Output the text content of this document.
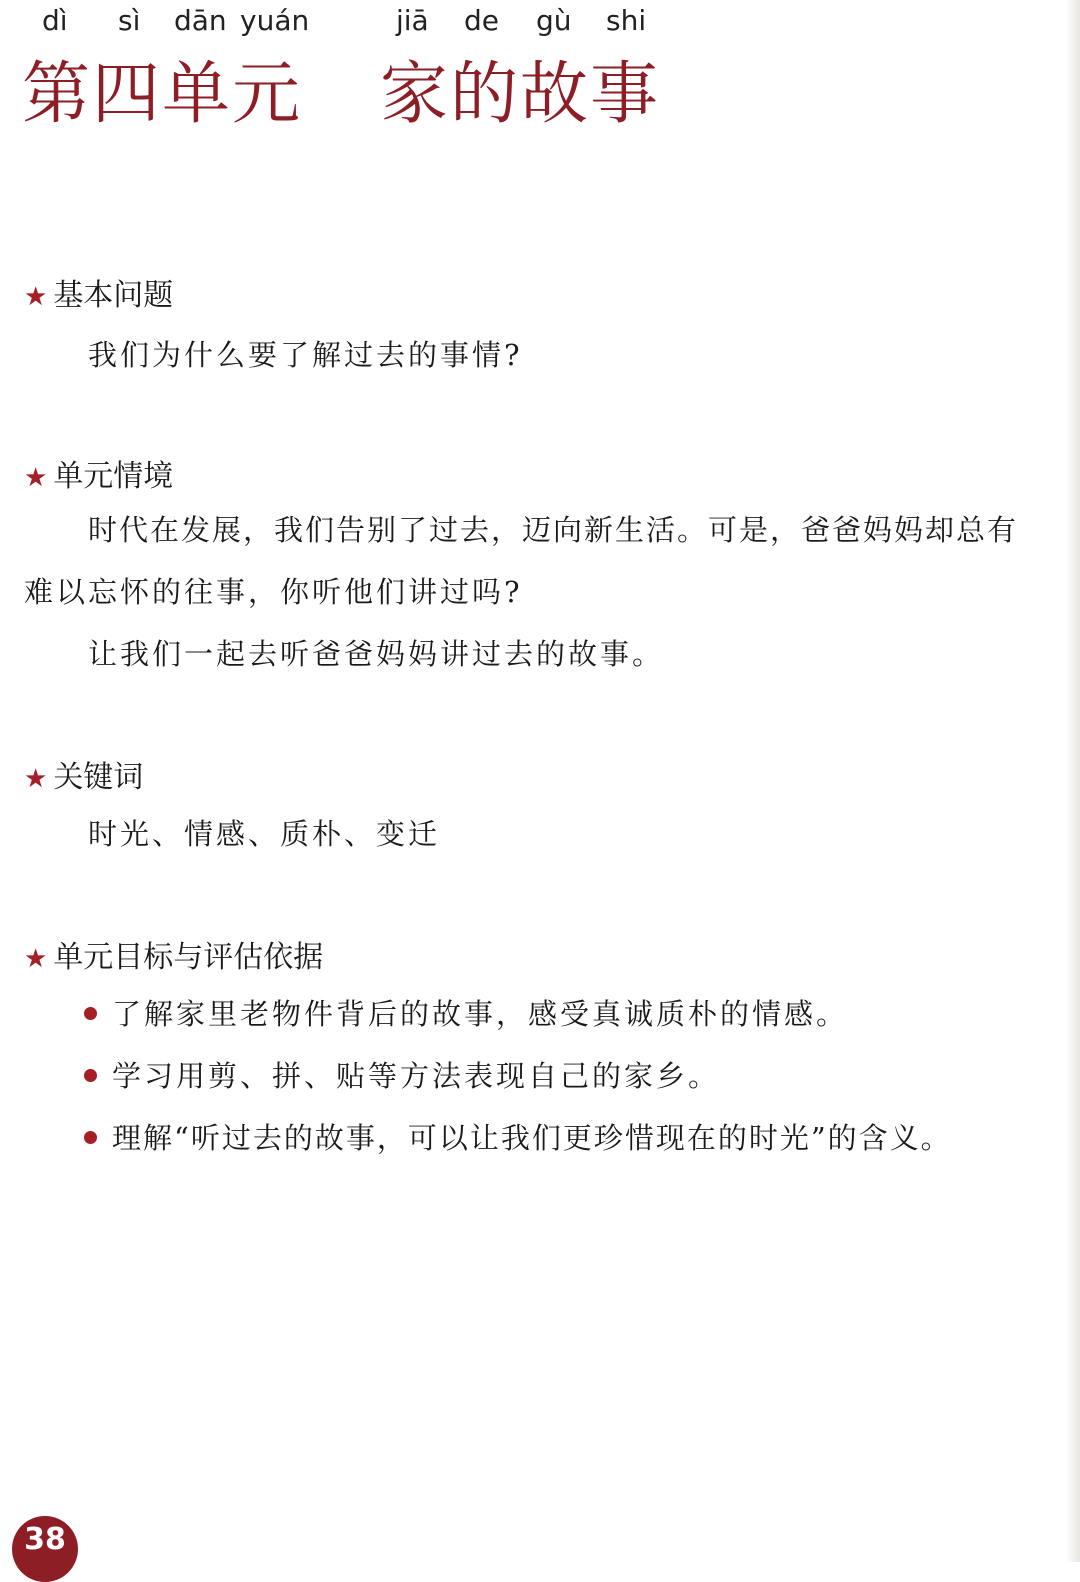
dì sì dān yuán	jiā de gù shi
第四单元 家的故事
★ 基本问题
我们为什么要了解过去的事情?
★ 单元情境
时代在发展，我们告别了过去，迈向新生活。可是，爸爸妈妈却总有
难以忘怀的往事，你听他们讲过吗?
让我们一起去听爸爸妈妈讲过去的故事。
★ 关键词
时光、情感、质朴、变迁
★ 单元目标与评估依据
了解家里老物件背后的故事，感受真诚质朴的情感。
学习用剪、拼、贴等方法表现自己的家乡。
理解“听过去的故事，可以让我们更珍惜现在的时光”的含义。
38
